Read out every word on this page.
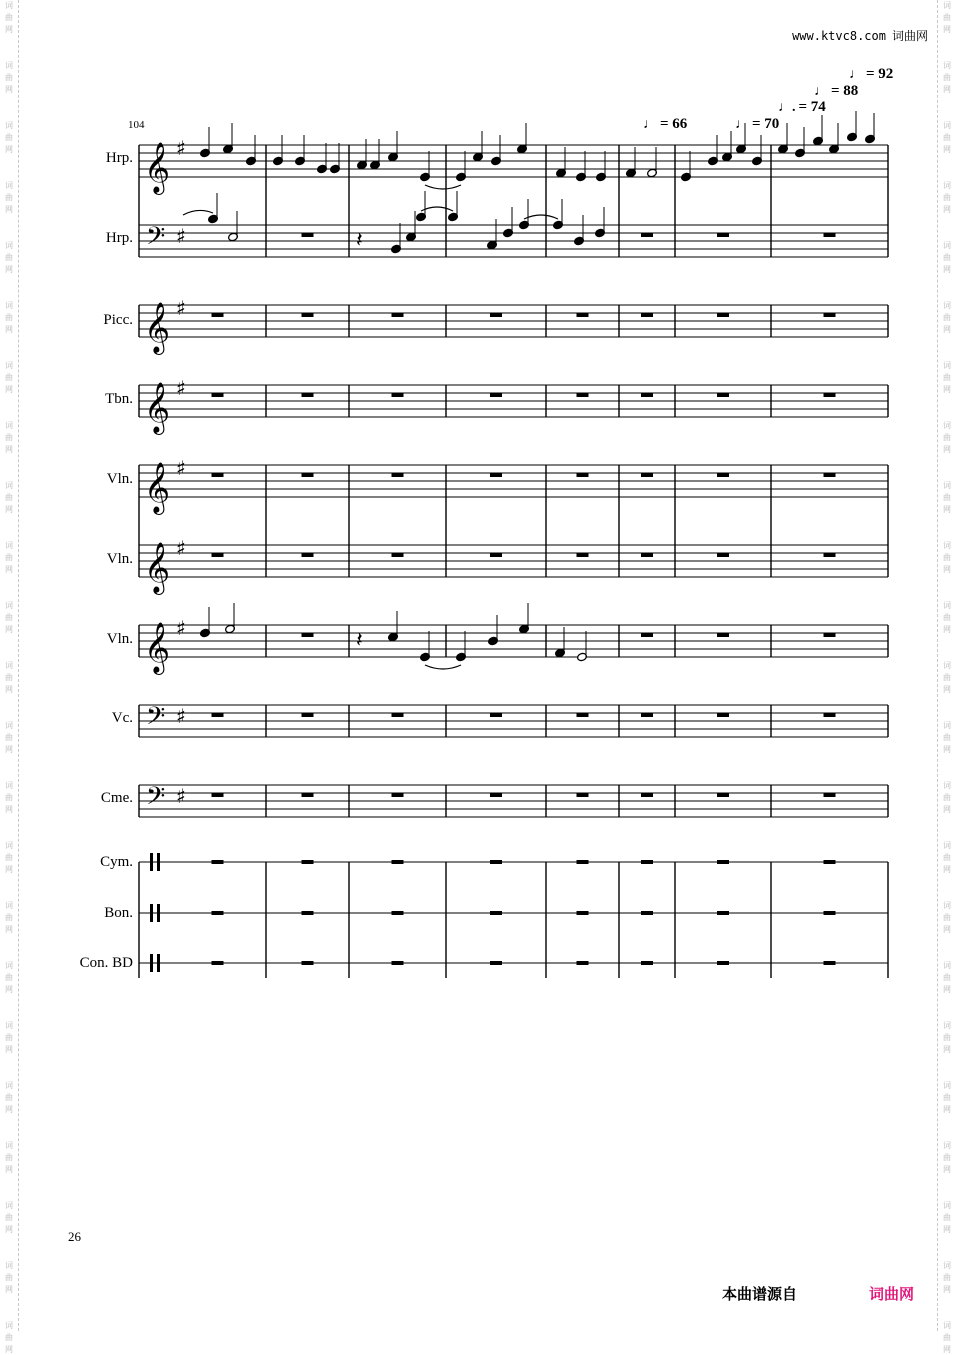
www.ktvc8.com 词曲网
104	♩ = 66	♩ = 70
♩. = 74
♩ = 88
♩ = 92
Hrp.
Hrp.
Picc.
Tbn.
Vln.
Vln.
Vln.
Vc.
Cme.
Cym.
Bon.
Con. BD
𝄞 ♯
𝄢 ♯
𝄞 ♯
𝄞 ♯
𝄞 ♯
𝄞 ♯
𝄞 ♯
𝄢 ♯
𝄢 ♯
𝄽
𝄽
26
本曲谱源自	词曲网
词
曲
网
词
曲
网
词
曲
网
词
曲
网
词
曲
网
词
曲
网
词
曲
网
词
曲
网
词
曲
网
词
曲
网
词
曲
网
词
曲
网
词
曲
网
词
曲
网
词
曲
网
词
曲
网
词
曲
网
词
曲
网
词
曲
网
词
曲
网
词
曲
网
词
曲
网
词
曲
网
词
曲
网
词
曲
网
词
曲
网
词
曲
网
词
曲
网
词
曲
网
词
曲
网
词
曲
网
词
曲
网
词
曲
网
词
曲
网
词
曲
网
词
曲
网
词
曲
网
词
曲
网
词
曲
网
词
曲
网
词
曲
网
词
曲
网
词
曲
网
词
曲
网
词
曲
网
词
曲
网
